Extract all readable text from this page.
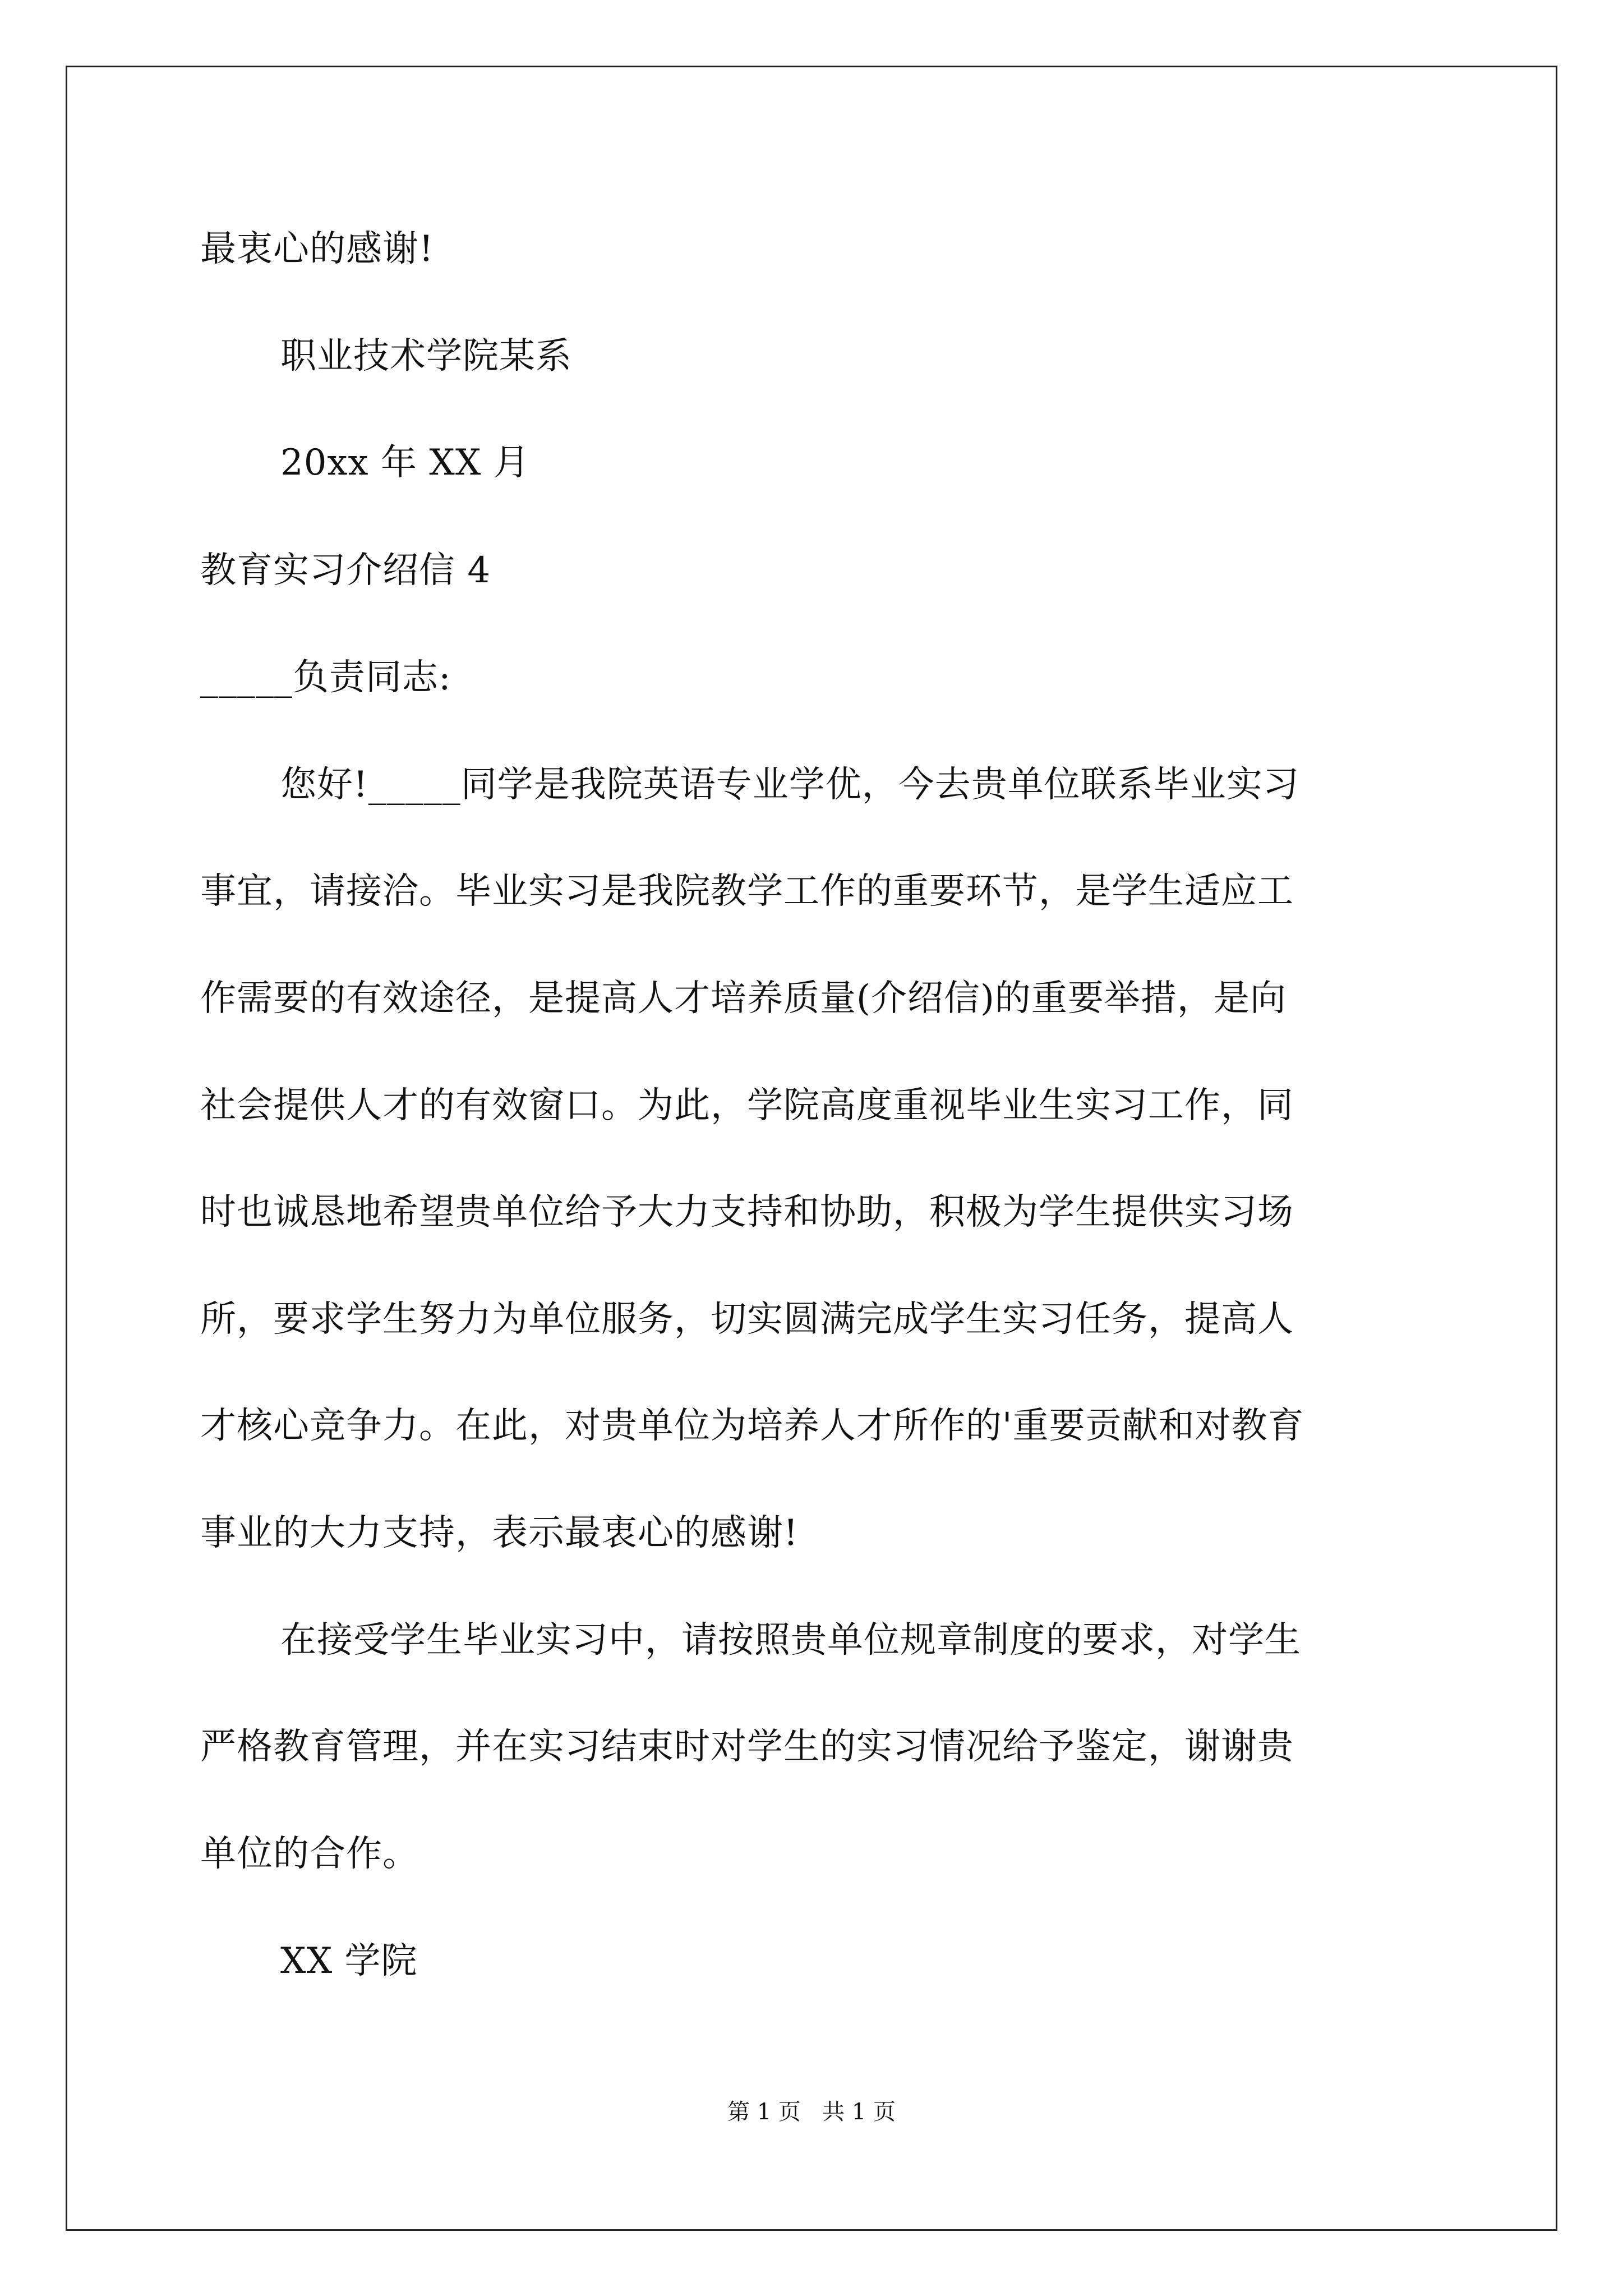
最衷心的感谢!
职业技术学院某系
20xx 年 XX 月
教育实习介绍信 4
_____负责同志:
您好!_____同学是我院英语专业学优，今去贵单位联系毕业实习
事宜，请接洽。毕业实习是我院教学工作的重要环节，是学生适应工
作需要的有效途径，是提高人才培养质量(介绍信)的重要举措，是向
社会提供人才的有效窗口。为此，学院高度重视毕业生实习工作，同
时也诚恳地希望贵单位给予大力支持和协助，积极为学生提供实习场
所，要求学生努力为单位服务，切实圆满完成学生实习任务，提高人
才核心竞争力。在此，对贵单位为培养人才所作的'重要贡献和对教育
事业的大力支持，表示最衷心的感谢!
在接受学生毕业实习中，请按照贵单位规章制度的要求，对学生
严格教育管理，并在实习结束时对学生的实习情况给予鉴定，谢谢贵
单位的合作。
XX 学院
第 1 页   共 1 页
